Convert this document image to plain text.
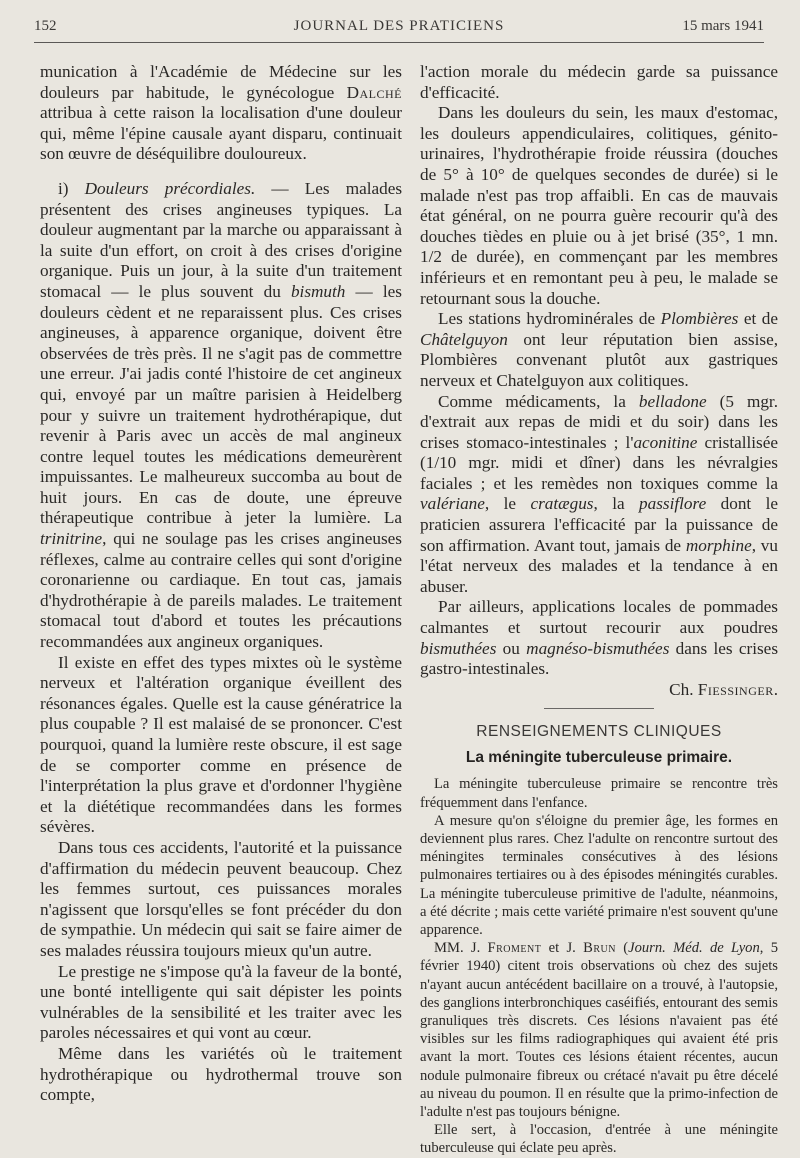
152	JOURNAL DES PRATICIENS	15 mars 1941

munication à l'Académie de Médecine sur les douleurs par habitude, le gynécologue Dalché attribua à cette raison la localisation d'une douleur qui, même l'épine causale ayant disparu, continuait son œuvre de déséquilibre douloureux.

i) Douleurs précordiales. — Les malades présentent des crises angineuses typiques. La douleur augmentant par la marche ou apparaissant à la suite d'un effort, on croit à des crises d'origine organique. Puis un jour, à la suite d'un traitement stomacal — le plus souvent du bismuth — les douleurs cèdent et ne reparaissent plus. Ces crises angineuses, à apparence organique, doivent être observées de très près. Il ne s'agit pas de commettre une erreur. J'ai jadis conté l'histoire de cet angineux qui, envoyé par un maître parisien à Heidelberg pour y suivre un traitement hydrothérapique, dut revenir à Paris avec un accès de mal angineux contre lequel toutes les médications demeurèrent impuissantes. Le malheureux succomba au bout de huit jours. En cas de doute, une épreuve thérapeutique contribue à jeter la lumière. La trinitrine, qui ne soulage pas les crises angineuses réflexes, calme au contraire celles qui sont d'origine coronarienne ou cardiaque. En tout cas, jamais d'hydrothérapie à de pareils malades. Le traitement stomacal tout d'abord et toutes les précautions recommandées aux angineux organiques.

Il existe en effet des types mixtes où le système nerveux et l'altération organique éveillent des résonances égales. Quelle est la cause génératrice la plus coupable ? Il est malaisé de se prononcer. C'est pourquoi, quand la lumière reste obscure, il est sage de se comporter comme en présence de l'interprétation la plus grave et d'ordonner l'hygiène et la diététique recommandées dans les formes sévères.

Dans tous ces accidents, l'autorité et la puissance d'affirmation du médecin peuvent beaucoup. Chez les femmes surtout, ces puissances morales n'agissent que lorsqu'elles se font précéder du don de sympathie. Un médecin qui sait se faire aimer de ses malades réussira toujours mieux qu'un autre.

Le prestige ne s'impose qu'à la faveur de la bonté, une bonté intelligente qui sait dépister les points vulnérables de la sensibilité et les traiter avec les paroles nécessaires et qui vont au cœur.

Même dans les variétés où le traitement hydrothérapique ou hydrothermal trouve son compte,

l'action morale du médecin garde sa puissance d'efficacité.

Dans les douleurs du sein, les maux d'estomac, les douleurs appendiculaires, colitiques, génito-urinaires, l'hydrothérapie froide réussira (douches de 5° à 10° de quelques secondes de durée) si le malade n'est pas trop affaibli. En cas de mauvais état général, on ne pourra guère recourir qu'à des douches tièdes en pluie ou à jet brisé (35°, 1 mn. 1/2 de durée), en commençant par les membres inférieurs et en remontant peu à peu, le malade se retournant sous la douche.

Les stations hydrominérales de Plombières et de Châtelguyon ont leur réputation bien assise, Plombières convenant plutôt aux gastriques nerveux et Chatelguyon aux colitiques.

Comme médicaments, la belladone (5 mgr. d'extrait aux repas de midi et du soir) dans les crises stomaco-intestinales ; l'aconitine cristallisée (1/10 mgr. midi et dîner) dans les névralgies faciales ; et les remèdes non toxiques comme la valériane, le cratægus, la passiflore dont le praticien assurera l'efficacité par la puissance de son affirmation. Avant tout, jamais de morphine, vu l'état nerveux des malades et la tendance à en abuser.

Par ailleurs, applications locales de pommades calmantes et surtout recourir aux poudres bismuthées ou magnéso-bismuthées dans les crises gastro-intestinales.

Ch. Fiessinger.
RENSEIGNEMENTS CLINIQUES
La méningite tuberculeuse primaire.

La méningite tuberculeuse primaire se rencontre très fréquemment dans l'enfance.

A mesure qu'on s'éloigne du premier âge, les formes en deviennent plus rares. Chez l'adulte on rencontre surtout des méningites terminales consécutives à des lésions pulmonaires tertiaires ou à des épisodes méningités curables. La méningite tuberculeuse primitive de l'adulte, néanmoins, a été décrite ; mais cette variété primaire n'est souvent qu'une apparence.

MM. J. Froment et J. Brun (Journ. Méd. de Lyon, 5 février 1940) citent trois observations où chez des sujets n'ayant aucun antécédent bacillaire on a trouvé, à l'autopsie, des ganglions interbronchiques caséifiés, entourant des semis granuliques très discrets. Ces lésions n'avaient pas été visibles sur les films radiographiques qui avaient été pris avant la mort. Toutes ces lésions étaient récentes, aucun nodule pulmonaire fibreux ou crétacé n'avait pu être décelé au niveau du poumon. Il en résulte que la primo-infection de l'adulte n'est pas toujours bénigne.

Elle sert, à l'occasion, d'entrée à une méningite tuberculeuse qui éclate peu après.
